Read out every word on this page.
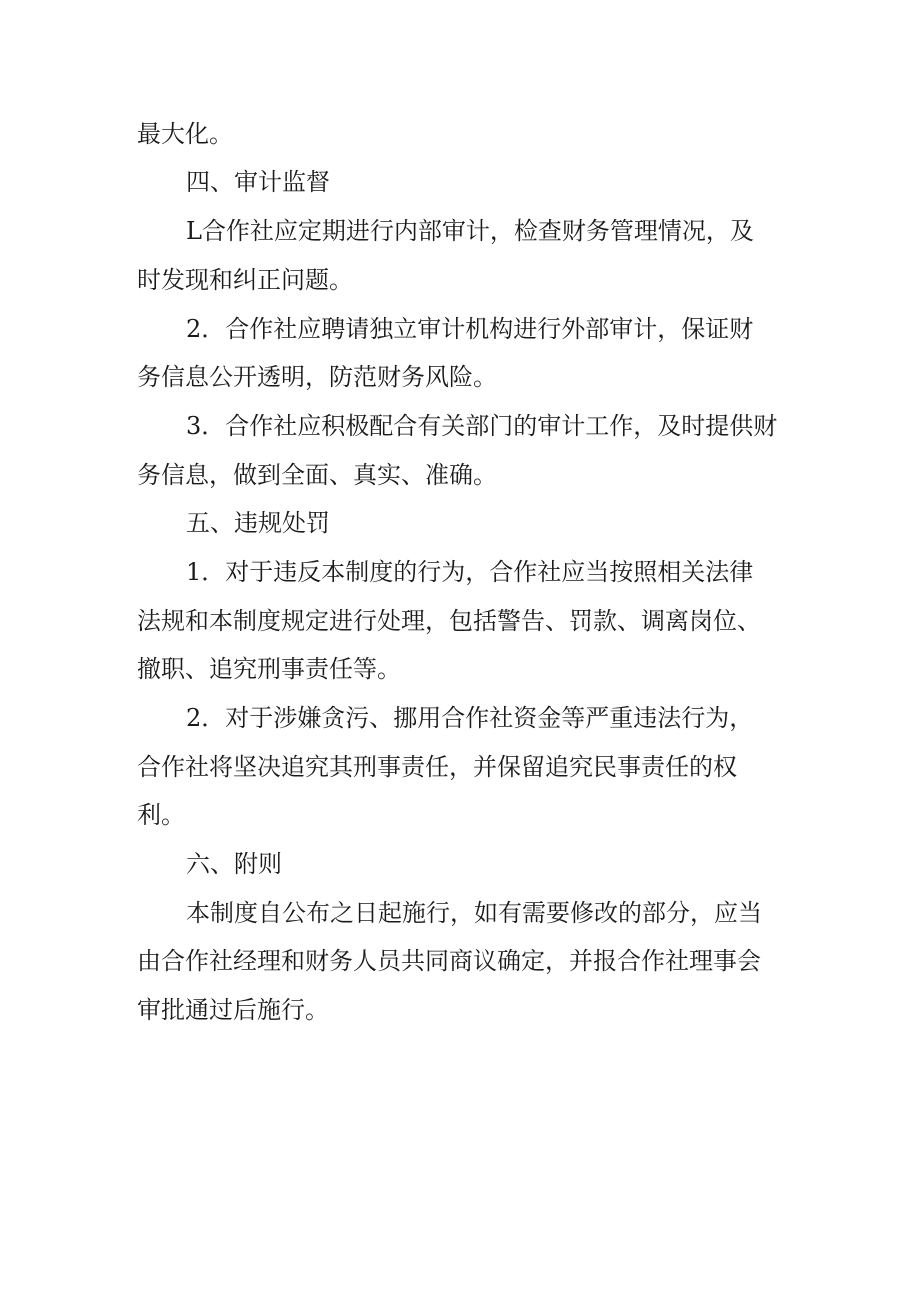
最大化。
四、审计监督
L合作社应定期进行内部审计，检查财务管理情况，及
时发现和纠正问题。
2．合作社应聘请独立审计机构进行外部审计，保证财
务信息公开透明，防范财务风险。
3．合作社应积极配合有关部门的审计工作，及时提供财
务信息，做到全面、真实、准确。
五、违规处罚
1．对于违反本制度的行为，合作社应当按照相关法律
法规和本制度规定进行处理，包括警告、罚款、调离岗位、
撤职、追究刑事责任等。
2．对于涉嫌贪污、挪用合作社资金等严重违法行为，
合作社将坚决追究其刑事责任，并保留追究民事责任的权
利。
六、附则
本制度自公布之日起施行，如有需要修改的部分，应当
由合作社经理和财务人员共同商议确定，并报合作社理事会
审批通过后施行。
